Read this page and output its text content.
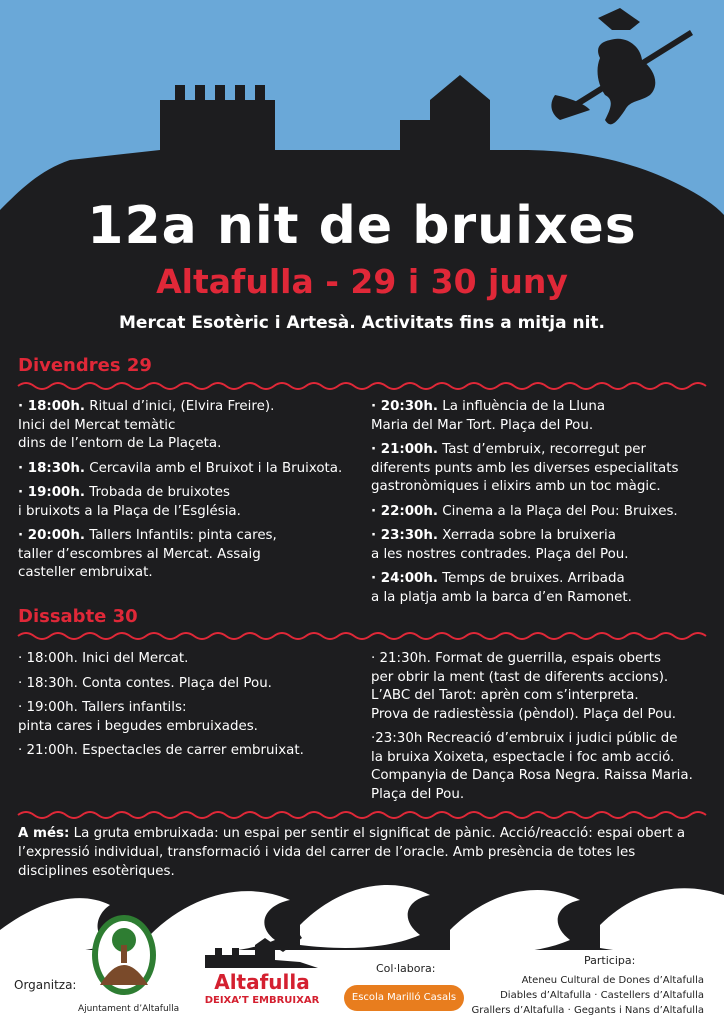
12a nit de bruixes
Altafulla - 29 i 30 juny
Mercat Esotèric i Artesà. Activitats fins a mitja nit.
Divendres 29
· 18:00h. Ritual d’inici, (Elvira Freire).
Inici del Mercat temàtic
dins de l’entorn de La Plaçeta.
· 18:30h. Cercavila amb el Bruixot i la Bruixota.
· 19:00h. Trobada de bruixotes
i bruixots a la Plaça de l’Església.
· 20:00h. Tallers Infantils: pinta cares,
taller d’escombres al Mercat. Assaig
casteller embruixat.
· 20:30h. La influència de la Lluna
Maria del Mar Tort. Plaça del Pou.
· 21:00h. Tast d’embruix, recorregut per
diferents punts amb les diverses especialitats
gastronòmiques i elixirs amb un toc màgic.
· 22:00h. Cinema a la Plaça del Pou: Bruixes.
· 23:30h. Xerrada sobre la bruixeria
a les nostres contrades. Plaça del Pou.
· 24:00h. Temps de bruixes. Arribada
a la platja amb la barca d’en Ramonet.
Dissabte 30
· 18:00h. Inici del Mercat.
· 18:30h. Conta contes. Plaça del Pou.
· 19:00h. Tallers infantils:
pinta cares i begudes embruixades.
· 21:00h. Espectacles de carrer embruixat.
· 21:30h. Format de guerrilla, espais oberts
per obrir la ment (tast de diferents accions).
L’ABC del Tarot: aprèn com s’interpreta.
Prova de radiestèssia (pèndol). Plaça del Pou.
·23:30h Recreació d’embruix i judici públic de
la bruixa Xoixeta, espectacle i foc amb acció.
Companyia de Dança Rosa Negra. Raissa Maria.
Plaça del Pou.
A més: La gruta embruixada: un espai per sentir el significat de pànic. Acció/reacció: espai obert a l’expressió individual, transformació i vida del carrer de l’oracle. Amb presència de totes les disciplines esotèriques.
Organitza:
Ajuntament d’Altafulla
Altafulla
DEIXA’T EMBRUIXAR
Col·labora:
Escola Marilló Casals
Participa:
Ateneu Cultural de Dones d’Altafulla
Diables d’Altafulla · Castellers d’Altafulla
Grallers d’Altafulla · Gegants i Nans d’Altafulla
